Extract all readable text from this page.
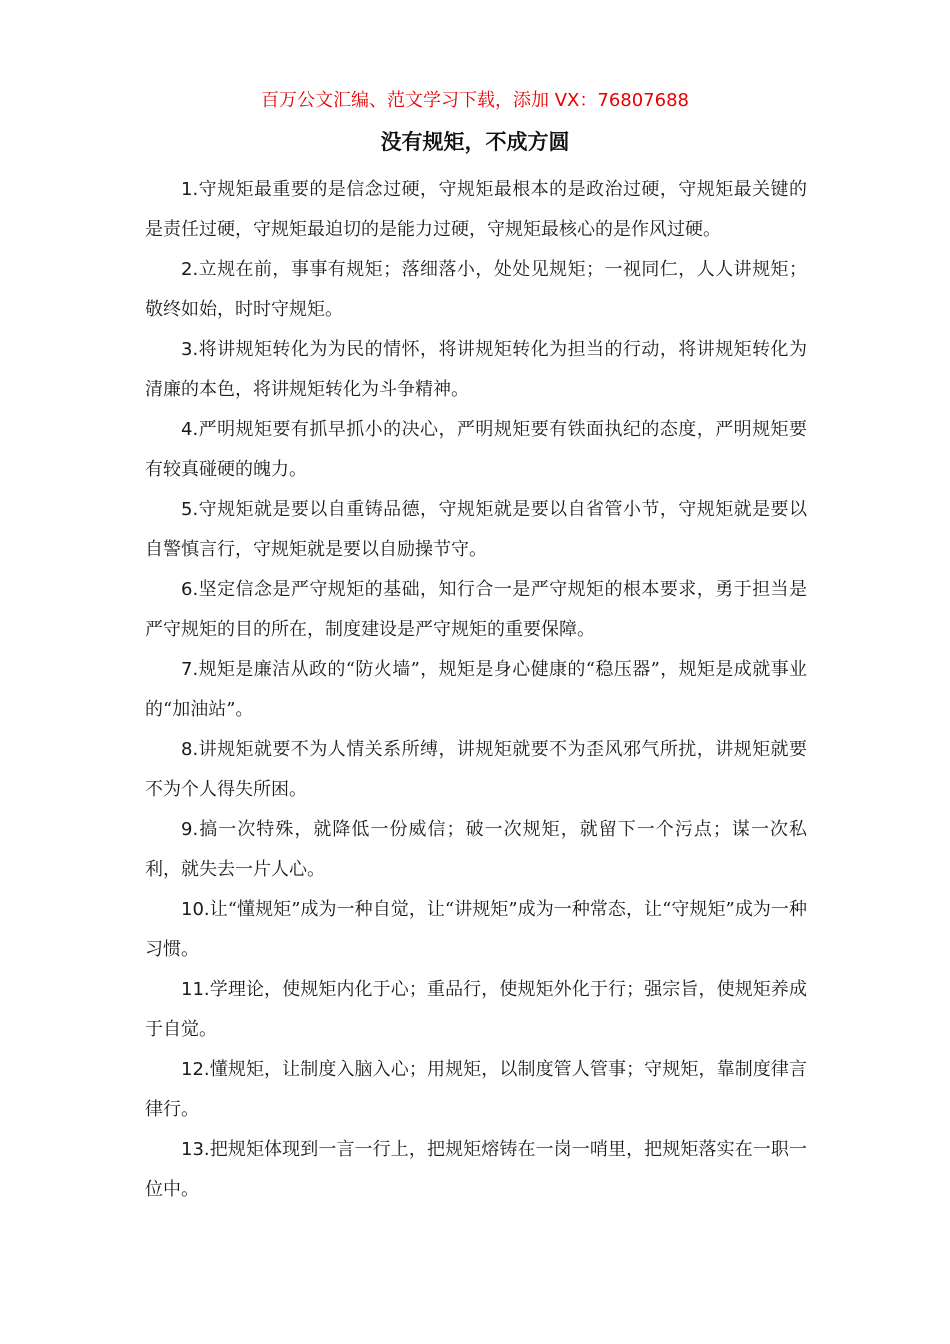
百万公文汇编、范文学习下载，添加 VX：76807688
没有规矩，不成方圆

1.守规矩最重要的是信念过硬，守规矩最根本的是政治过硬，守规矩最关键的是责任过硬，守规矩最迫切的是能力过硬，守规矩最核心的是作风过硬。

2.立规在前，事事有规矩；落细落小，处处见规矩；一视同仁，人人讲规矩；敬终如始，时时守规矩。

3.将讲规矩转化为为民的情怀，将讲规矩转化为担当的行动，将讲规矩转化为清廉的本色，将讲规矩转化为斗争精神。

4.严明规矩要有抓早抓小的决心，严明规矩要有铁面执纪的态度，严明规矩要有较真碰硬的魄力。

5.守规矩就是要以自重铸品德，守规矩就是要以自省管小节，守规矩就是要以自警慎言行，守规矩就是要以自励操节守。

6.坚定信念是严守规矩的基础，知行合一是严守规矩的根本要求，勇于担当是严守规矩的目的所在，制度建设是严守规矩的重要保障。

7.规矩是廉洁从政的“防火墙”，规矩是身心健康的“稳压器”，规矩是成就事业的“加油站”。

8.讲规矩就要不为人情关系所缚，讲规矩就要不为歪风邪气所扰，讲规矩就要不为个人得失所困。

9.搞一次特殊，就降低一份威信；破一次规矩，就留下一个污点；谋一次私利，就失去一片人心。

10.让“懂规矩”成为一种自觉，让“讲规矩”成为一种常态，让“守规矩”成为一种习惯。

11.学理论，使规矩内化于心；重品行，使规矩外化于行；强宗旨，使规矩养成于自觉。

12.懂规矩，让制度入脑入心；用规矩，以制度管人管事；守规矩，靠制度律言律行。

13.把规矩体现到一言一行上，把规矩熔铸在一岗一哨里，把规矩落实在一职一位中。
